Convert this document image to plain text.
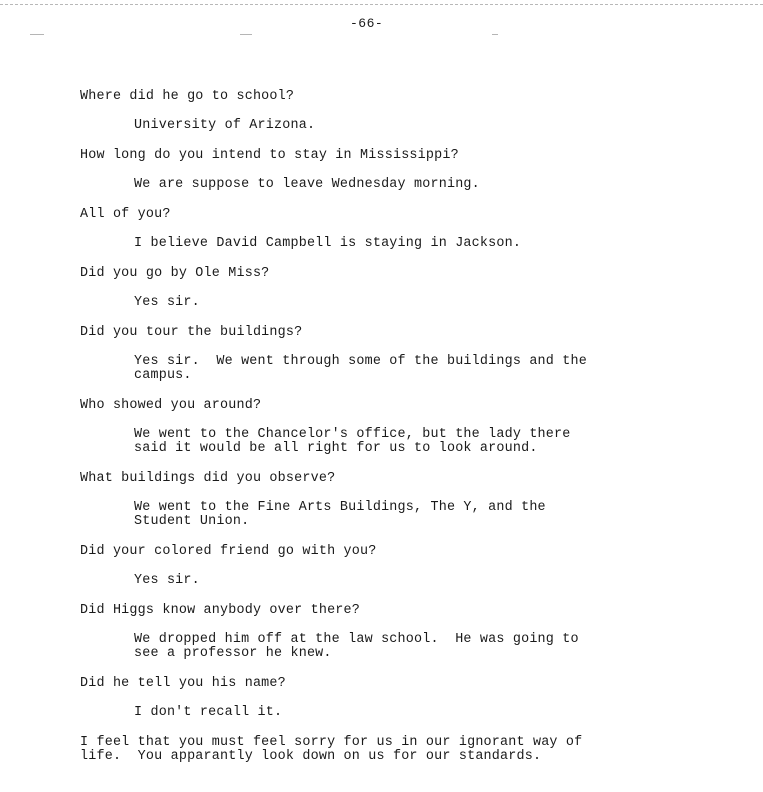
-66-

Where did he go to school?

University of Arizona.

How long do you intend to stay in Mississippi?

We are suppose to leave Wednesday morning.

All of you?

I believe David Campbell is staying in Jackson.

Did you go by Ole Miss?

Yes sir.

Did you tour the buildings?

Yes sir.  We went through some of the buildings and the
campus.

Who showed you around?

We went to the Chancelor's office, but the lady there
said it would be all right for us to look around.

What buildings did you observe?

We went to the Fine Arts Buildings, The Y, and the
Student Union.

Did your colored friend go with you?

Yes sir.

Did Higgs know anybody over there?

We dropped him off at the law school.  He was going to
see a professor he knew.

Did he tell you his name?

I don't recall it.

I feel that you must feel sorry for us in our ignorant way of
life.  You apparantly look down on us for our standards.
